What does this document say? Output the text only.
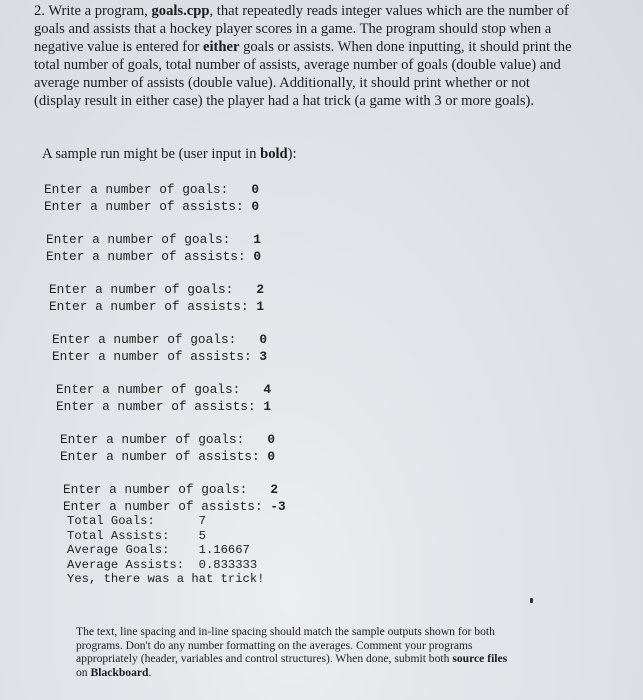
2. Write a program, goals.cpp, that repeatedly reads integer values which are the number of goals and assists that a hockey player scores in a game. The program should stop when a negative value is entered for either goals or assists. When done inputting, it should print the total number of goals, total number of assists, average number of goals (double value) and average number of assists (double value). Additionally, it should print whether or not (display result in either case) the player had a hat trick (a game with 3 or more goals).

A sample run might be (user input in bold):

Enter a number of goals:   0
Enter a number of assists: 0
Enter a number of goals:   1
Enter a number of assists: 0
Enter a number of goals:   2
Enter a number of assists: 1
Enter a number of goals:   0
Enter a number of assists: 3
Enter a number of goals:   4
Enter a number of assists: 1
Enter a number of goals:   0
Enter a number of assists: 0
Enter a number of goals:   2
Enter a number of assists: -3
Total Goals:      7
Total Assists:    5
Average Goals:    1.16667
Average Assists:  0.833333
Yes, there was a hat trick!
The text, line spacing and in-line spacing should match the sample outputs shown for both programs. Don't do any number formatting on the averages. Comment your programs appropriately (header, variables and control structures). When done, submit both source files on Blackboard.
